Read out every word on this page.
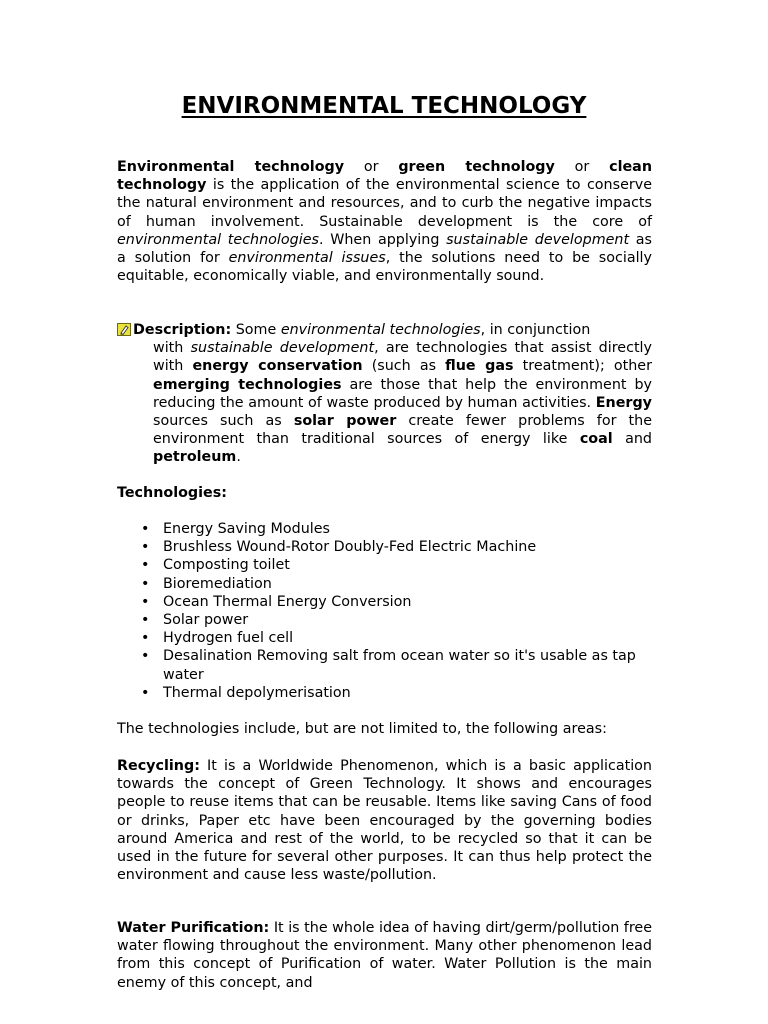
ENVIRONMENTAL TECHNOLOGY

Environmental technology or green technology or clean technology is the application of the environmental science to conserve the natural environment and resources, and to curb the negative impacts of human involvement. Sustainable development is the core of environmental technologies. When applying sustainable development as a solution for environmental issues, the solutions need to be socially equitable, economically viable, and environmentally sound.

Description: Some environmental technologies, in conjunction

with sustainable development, are technologies that assist directly with energy conservation (such as flue gas treatment); other emerging technologies are those that help the environment by reducing the amount of waste produced by human activities. Energy sources such as solar power create fewer problems for the environment than traditional sources of energy like coal and petroleum.

Technologies:

• Energy Saving Modules
• Brushless Wound-Rotor Doubly-Fed Electric Machine
• Composting toilet
• Bioremediation
• Ocean Thermal Energy Conversion
• Solar power
• Hydrogen fuel cell
• Desalination Removing salt from ocean water so it's usable as tap water
• Thermal depolymerisation

The technologies include, but are not limited to, the following areas:

Recycling: It is a Worldwide Phenomenon, which is a basic application towards the concept of Green Technology. It shows and encourages people to reuse items that can be reusable. Items like saving Cans of food or drinks, Paper etc have been encouraged by the governing bodies around America and rest of the world, to be recycled so that it can be used in the future for several other purposes. It can thus help protect the environment and cause less waste/pollution.

Water Purification: It is the whole idea of having dirt/germ/pollution free water flowing throughout the environment. Many other phenomenon lead from this concept of Purification of water. Water Pollution is the main enemy of this concept, and
